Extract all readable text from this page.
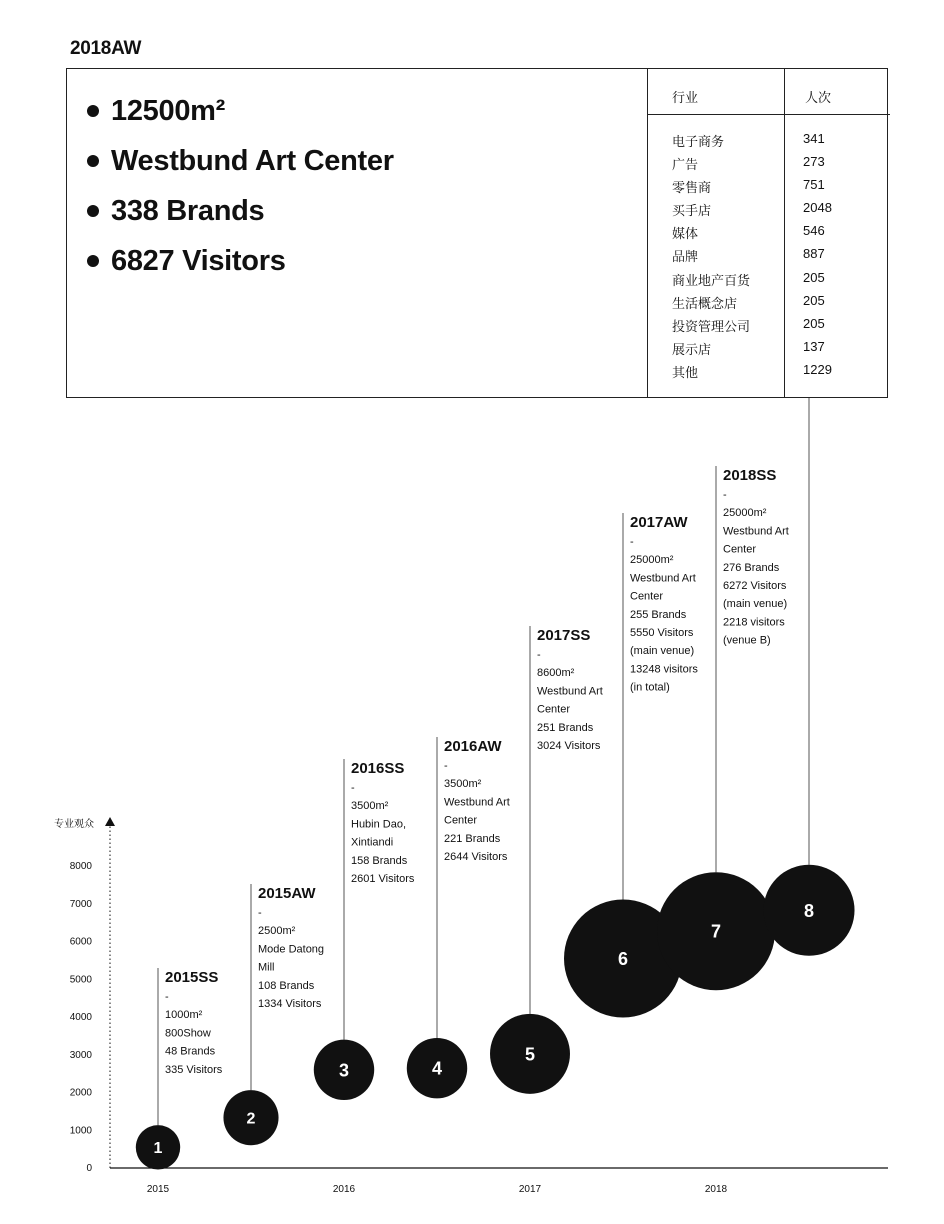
2018AW
12500m²
Westbund Art Center
338 Brands
6827 Visitors
行业	人次
电子商务	341
广告	273
零售商	751
买手店	2048
媒体	546
品牌	887
商业地产百货	205
生活概念店	205
投资管理公司	205
展示店	137
其他	1229
专业观众
0
1000
2000
3000
4000
5000
6000
7000
8000
2015	2016	2017	2018
1
2015SS
-
1000m²
800Show
48 Brands
335 Visitors
2
2015AW
-
2500m²
Mode Datong
Mill
108 Brands
1334 Visitors
3
2016SS
-
3500m²
Hubin Dao,
Xintiandi
158 Brands
2601 Visitors
4
2016AW
-
3500m²
Westbund Art
Center
221 Brands
2644 Visitors
5
2017SS
-
8600m²
Westbund Art
Center
251 Brands
3024 Visitors
6
2017AW
-
25000m²
Westbund Art
Center
255 Brands
5550 Visitors
(main venue)
13248 visitors
(in total)
7
2018SS
-
25000m²
Westbund Art
Center
276 Brands
6272 Visitors
(main venue)
2218 visitors
(venue B)
8
